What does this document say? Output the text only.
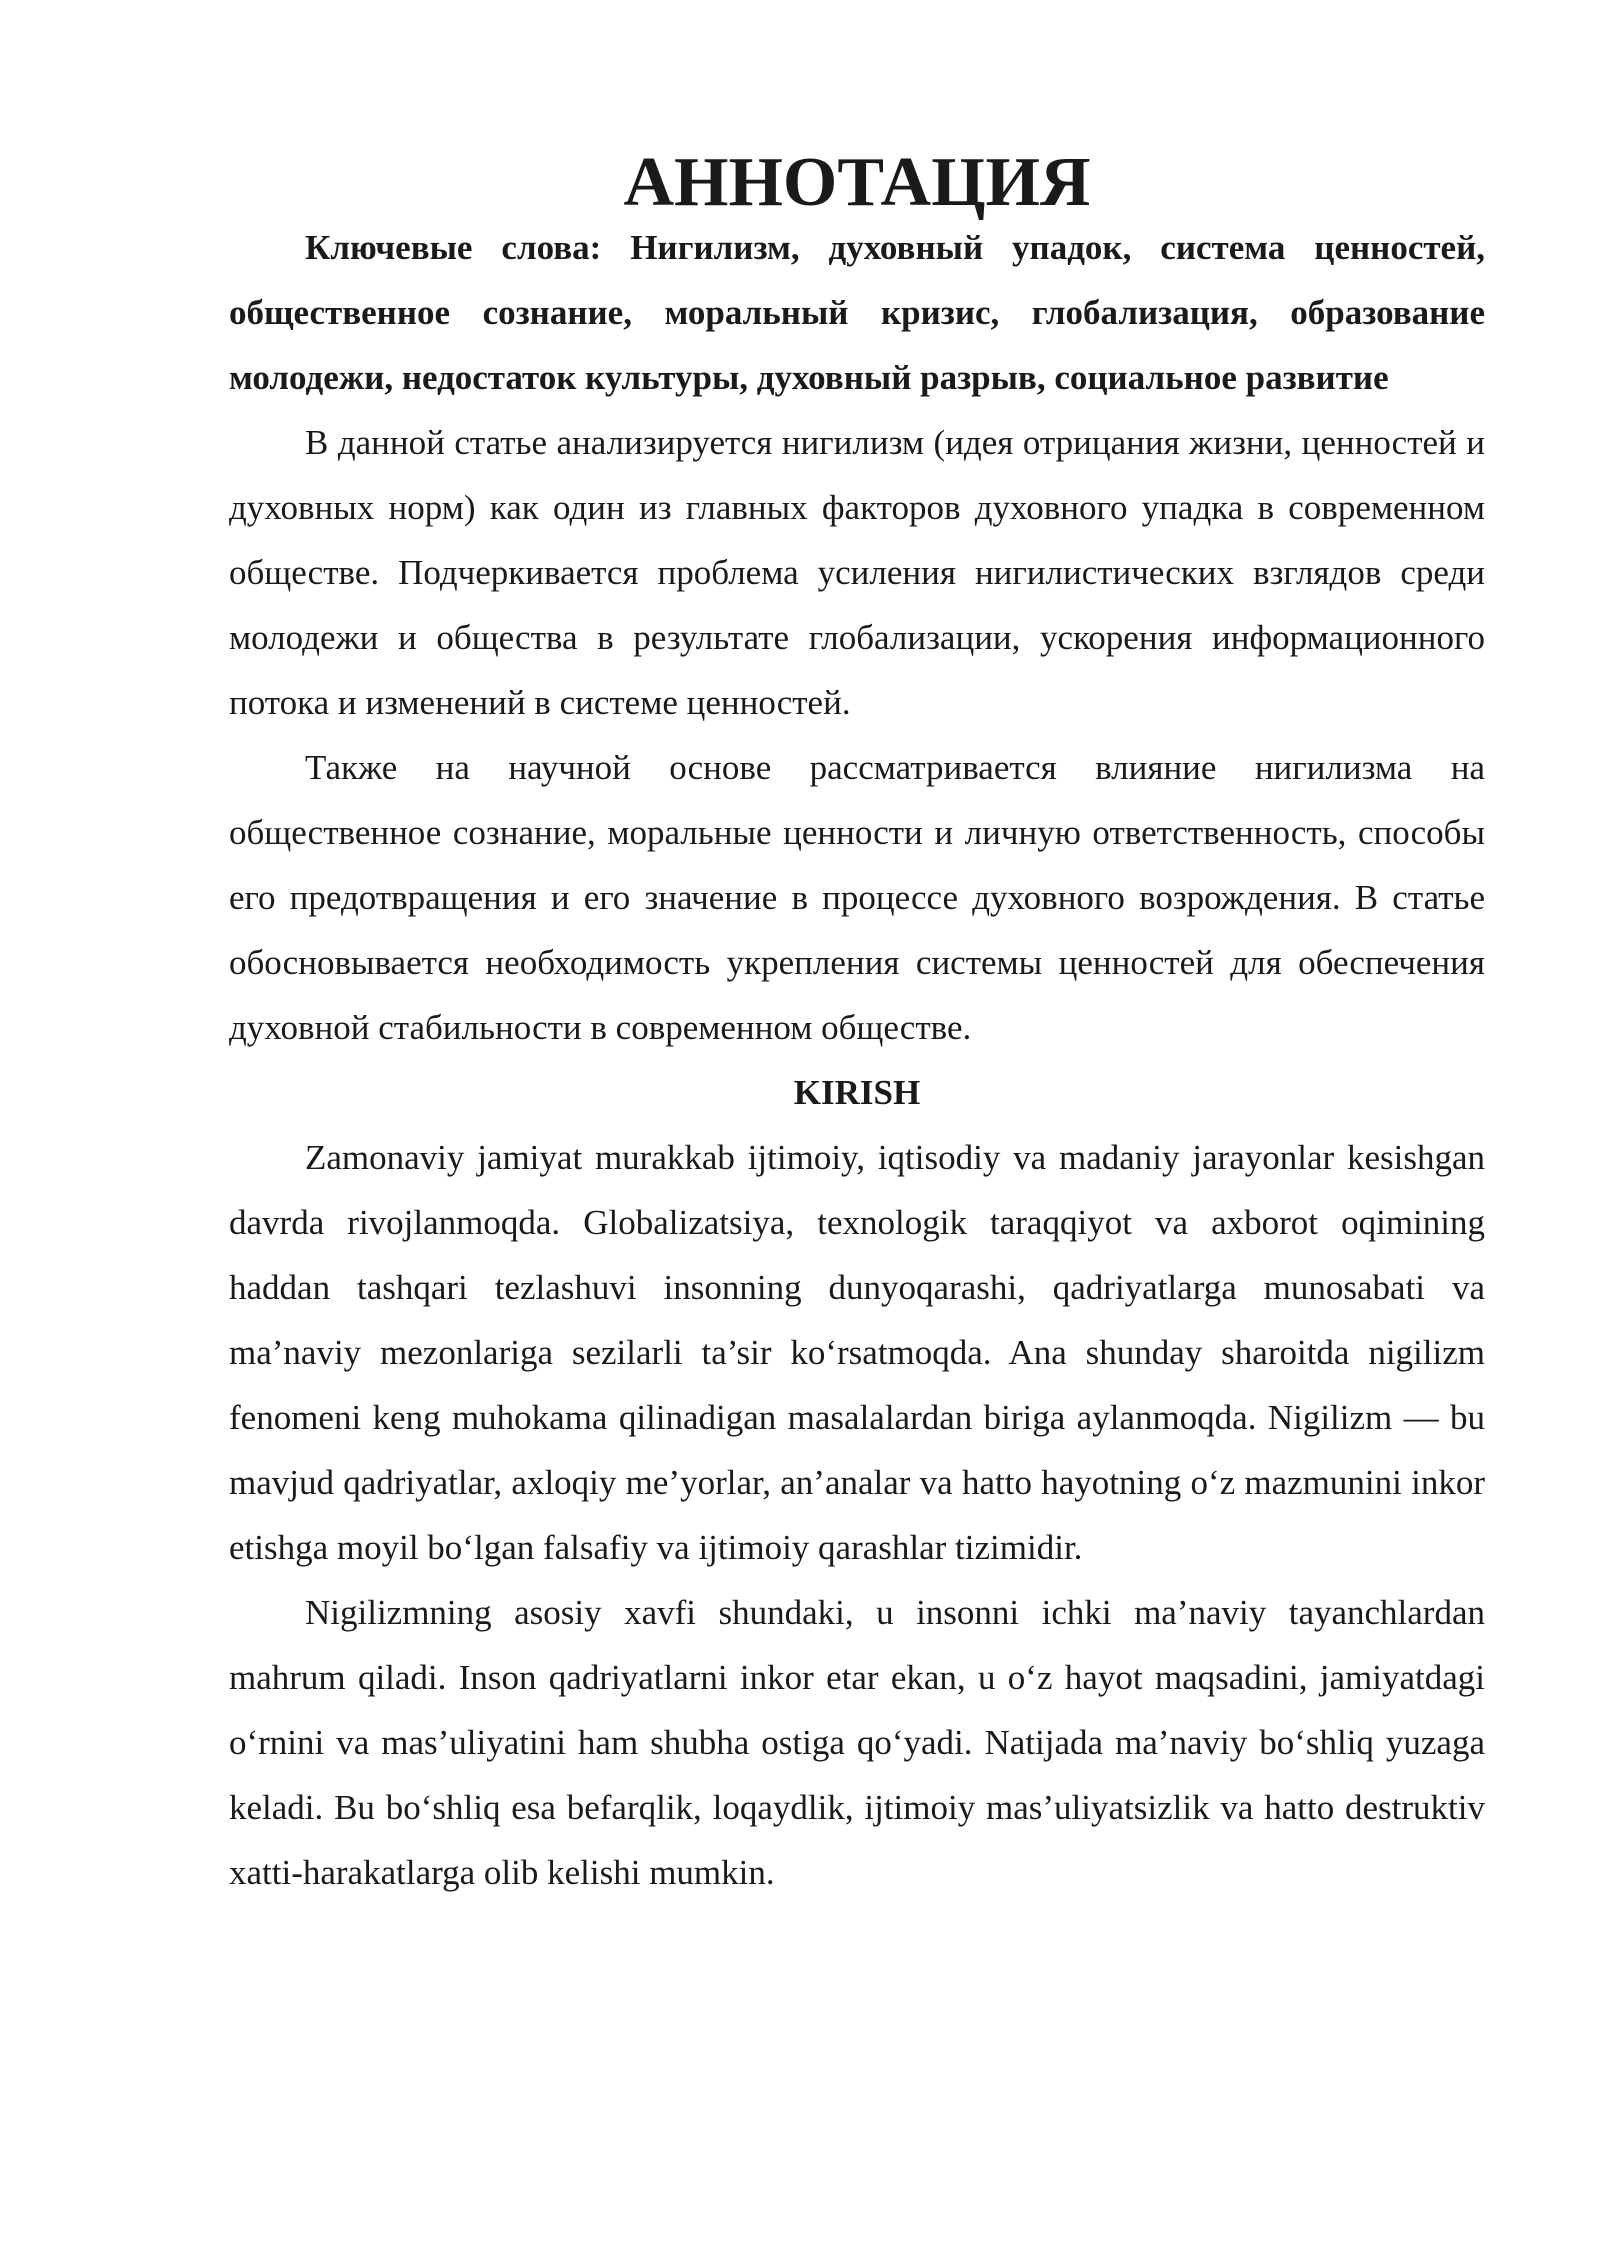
АННОТАЦИЯ

Ключевые слова: Нигилизм, духовный упадок, система ценностей, общественное сознание, моральный кризис, глобализация, образование молодежи, недостаток культуры, духовный разрыв, социальное развитие

В данной статье анализируется нигилизм (идея отрицания жизни, ценностей и духовных норм) как один из главных факторов духовного упадка в современном обществе. Подчеркивается проблема усиления нигилистических взглядов среди молодежи и общества в результате глобализации, ускорения информационного потока и изменений в системе ценностей.

Также на научной основе рассматривается влияние нигилизма на общественное сознание, моральные ценности и личную ответственность, способы его предотвращения и его значение в процессе духовного возрождения. В статье обосновывается необходимость укрепления системы ценностей для обеспечения духовной стабильности в современном обществе.

KIRISH

Zamonaviy jamiyat murakkab ijtimoiy, iqtisodiy va madaniy jarayonlar kesishgan davrda rivojlanmoqda. Globalizatsiya, texnologik taraqqiyot va axborot oqimining haddan tashqari tezlashuvi insonning dunyoqarashi, qadriyatlarga munosabati va ma’naviy mezonlariga sezilarli ta’sir ko‘rsatmoqda. Ana shunday sharoitda nigilizm fenomeni keng muhokama qilinadigan masalalardan biriga aylanmoqda. Nigilizm — bu mavjud qadriyatlar, axloqiy me’yorlar, an’analar va hatto hayotning o‘z mazmunini inkor etishga moyil bo‘lgan falsafiy va ijtimoiy qarashlar tizimidir.

Nigilizmning asosiy xavfi shundaki, u insonni ichki ma’naviy tayanchlardan mahrum qiladi. Inson qadriyatlarni inkor etar ekan, u o‘z hayot maqsadini, jamiyatdagi o‘rnini va mas’uliyatini ham shubha ostiga qo‘yadi. Natijada ma’naviy bo‘shliq yuzaga keladi. Bu bo‘shliq esa befarqlik, loqaydlik, ijtimoiy mas’uliyatsizlik va hatto destruktiv xatti-harakatlarga olib kelishi mumkin.
